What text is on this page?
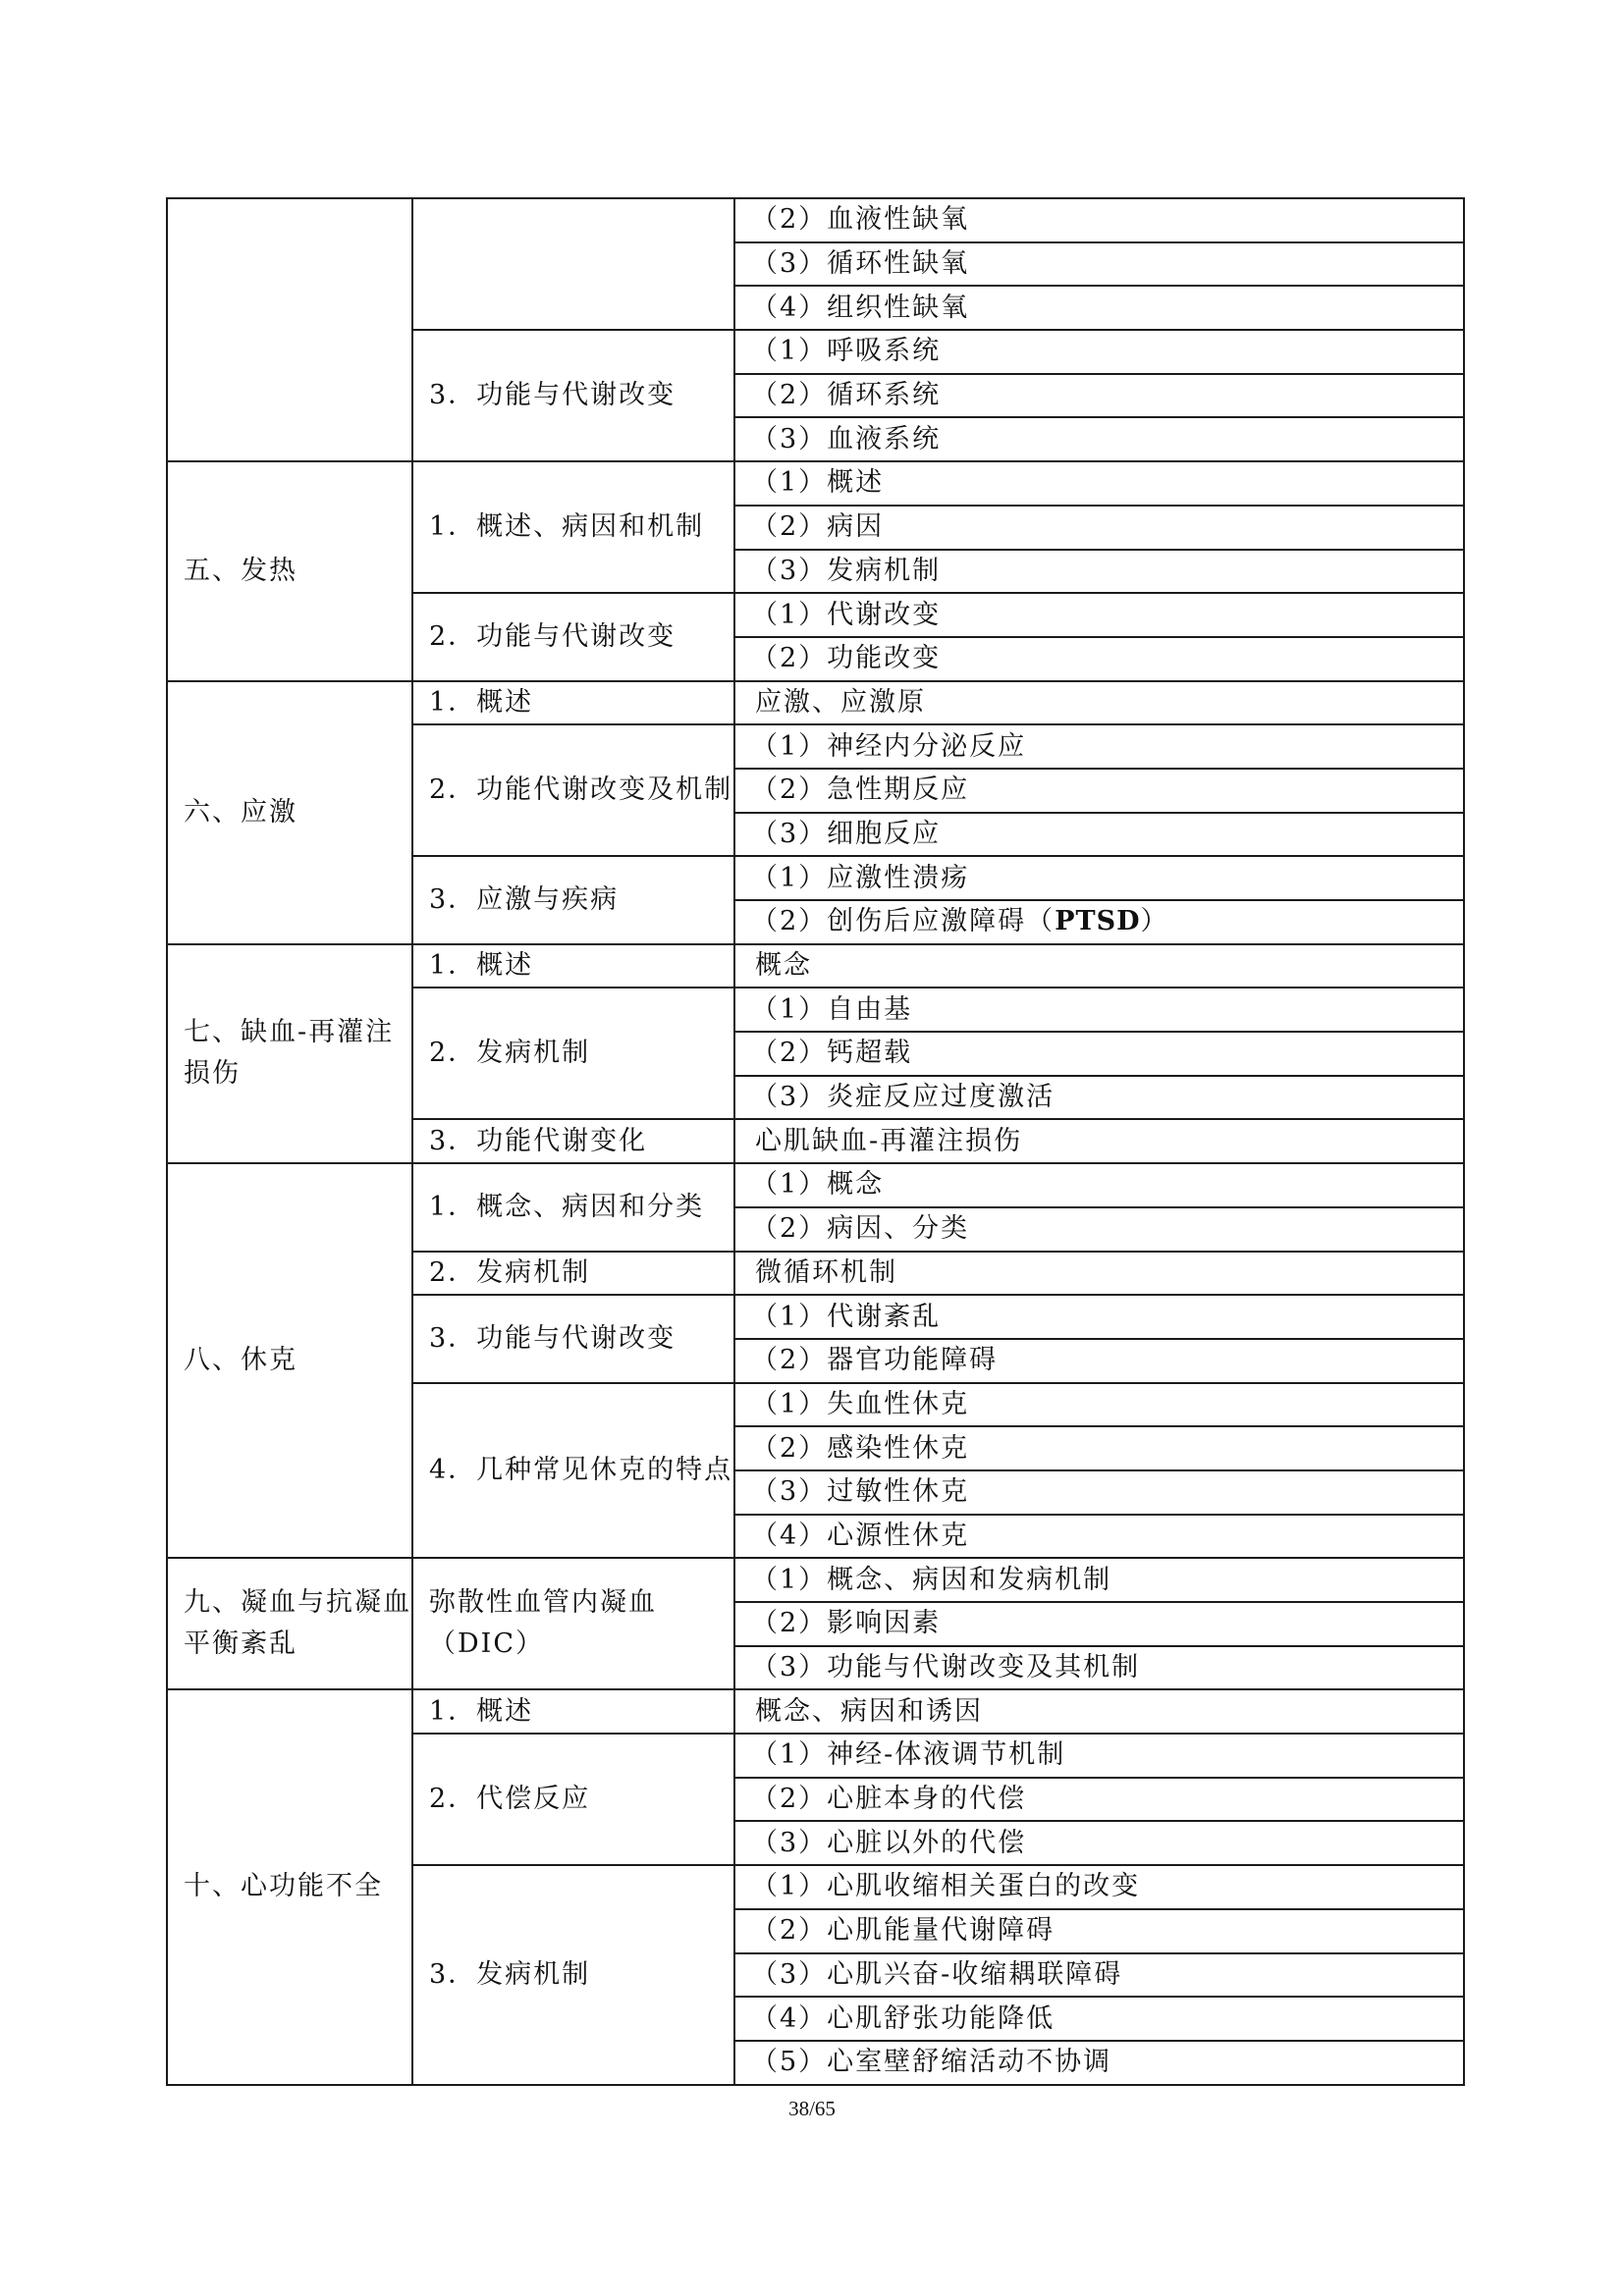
		（2）血液性缺氧
		（3）循环性缺氧
		（4）组织性缺氧
	3．功能与代谢改变	（1）呼吸系统
		（2）循环系统
		（3）血液系统
五、发热	1．概述、病因和机制	（1）概述
		（2）病因
		（3）发病机制
	2．功能与代谢改变	（1）代谢改变
		（2）功能改变
六、应激	1．概述	应激、应激原
	2．功能代谢改变及机制	（1）神经内分泌反应
		（2）急性期反应
		（3）细胞反应
	3．应激与疾病	（1）应激性溃疡
		（2）创伤后应激障碍（PTSD）
七、缺血-再灌注损伤	1．概述	概念
	2．发病机制	（1）自由基
		（2）钙超载
		（3）炎症反应过度激活
	3．功能代谢变化	心肌缺血-再灌注损伤
八、休克	1．概念、病因和分类	（1）概念
		（2）病因、分类
	2．发病机制	微循环机制
	3．功能与代谢改变	（1）代谢紊乱
		（2）器官功能障碍
	4．几种常见休克的特点	（1）失血性休克
		（2）感染性休克
		（3）过敏性休克
		（4）心源性休克
九、凝血与抗凝血平衡紊乱	弥散性血管内凝血（DIC）	（1）概念、病因和发病机制
		（2）影响因素
		（3）功能与代谢改变及其机制
十、心功能不全	1．概述	概念、病因和诱因
	2．代偿反应	（1）神经-体液调节机制
		（2）心脏本身的代偿
		（3）心脏以外的代偿
	3．发病机制	（1）心肌收缩相关蛋白的改变
		（2）心肌能量代谢障碍
		（3）心肌兴奋-收缩耦联障碍
		（4）心肌舒张功能降低
		（5）心室壁舒缩活动不协调
38/65
